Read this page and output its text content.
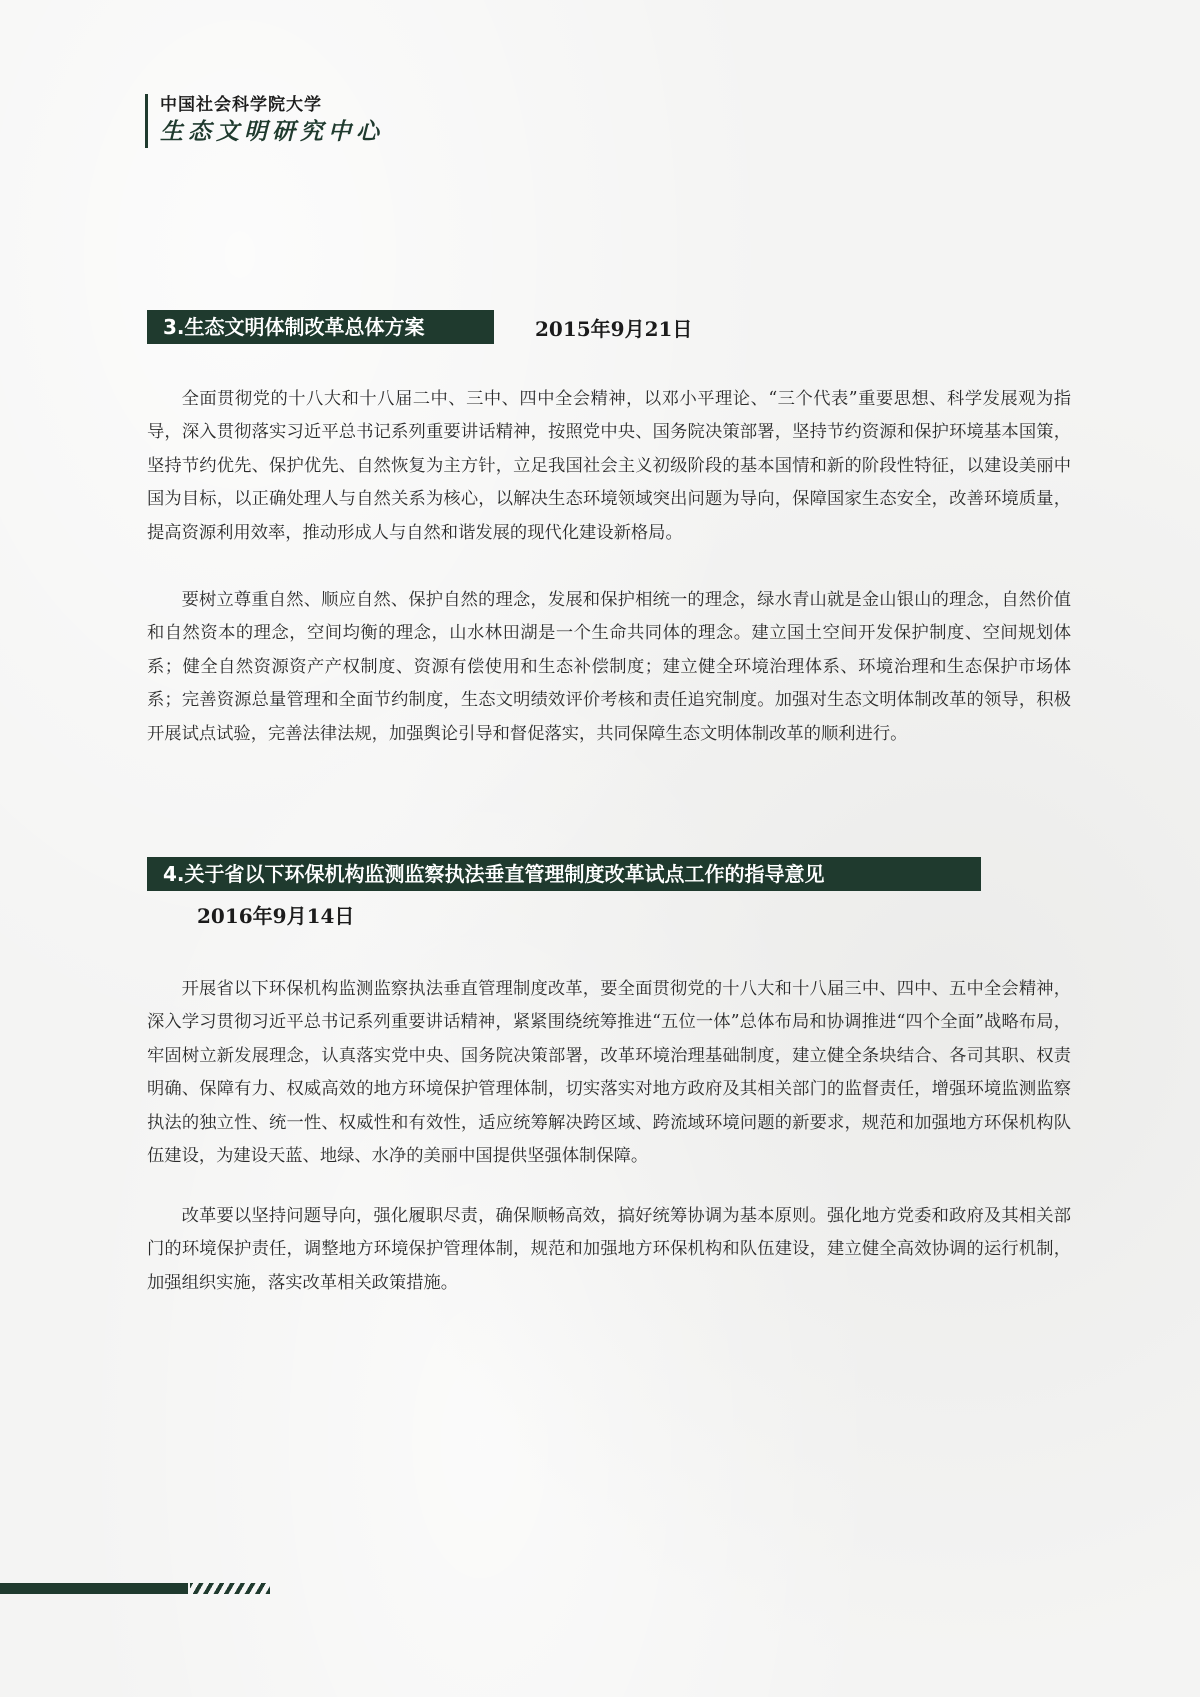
中国社会科学院大学
生态文明研究中心
3.生态文明体制改革总体方案	2015年9月21日

全面贯彻党的十八大和十八届二中、三中、四中全会精神，以邓小平理论、“三个代表”重要思想、科学发展观为指导，深入贯彻落实习近平总书记系列重要讲话精神，按照党中央、国务院决策部署，坚持节约资源和保护环境基本国策，坚持节约优先、保护优先、自然恢复为主方针，立足我国社会主义初级阶段的基本国情和新的阶段性特征，以建设美丽中国为目标，以正确处理人与自然关系为核心，以解决生态环境领域突出问题为导向，保障国家生态安全，改善环境质量，提高资源利用效率，推动形成人与自然和谐发展的现代化建设新格局。

要树立尊重自然、顺应自然、保护自然的理念，发展和保护相统一的理念，绿水青山就是金山银山的理念，自然价值和自然资本的理念，空间均衡的理念，山水林田湖是一个生命共同体的理念。建立国土空间开发保护制度、空间规划体系；健全自然资源资产产权制度、资源有偿使用和生态补偿制度；建立健全环境治理体系、环境治理和生态保护市场体系；完善资源总量管理和全面节约制度，生态文明绩效评价考核和责任追究制度。加强对生态文明体制改革的领导，积极开展试点试验，完善法律法规，加强舆论引导和督促落实，共同保障生态文明体制改革的顺利进行。

4.关于省以下环保机构监测监察执法垂直管理制度改革试点工作的指导意见
2016年9月14日

开展省以下环保机构监测监察执法垂直管理制度改革，要全面贯彻党的十八大和十八届三中、四中、五中全会精神，深入学习贯彻习近平总书记系列重要讲话精神，紧紧围绕统筹推进“五位一体”总体布局和协调推进“四个全面”战略布局，牢固树立新发展理念，认真落实党中央、国务院决策部署，改革环境治理基础制度，建立健全条块结合、各司其职、权责明确、保障有力、权威高效的地方环境保护管理体制，切实落实对地方政府及其相关部门的监督责任，增强环境监测监察执法的独立性、统一性、权威性和有效性，适应统筹解决跨区域、跨流域环境问题的新要求，规范和加强地方环保机构队伍建设，为建设天蓝、地绿、水净的美丽中国提供坚强体制保障。

改革要以坚持问题导向，强化履职尽责，确保顺畅高效，搞好统筹协调为基本原则。强化地方党委和政府及其相关部门的环境保护责任，调整地方环境保护管理体制，规范和加强地方环保机构和队伍建设，建立健全高效协调的运行机制，加强组织实施，落实改革相关政策措施。
